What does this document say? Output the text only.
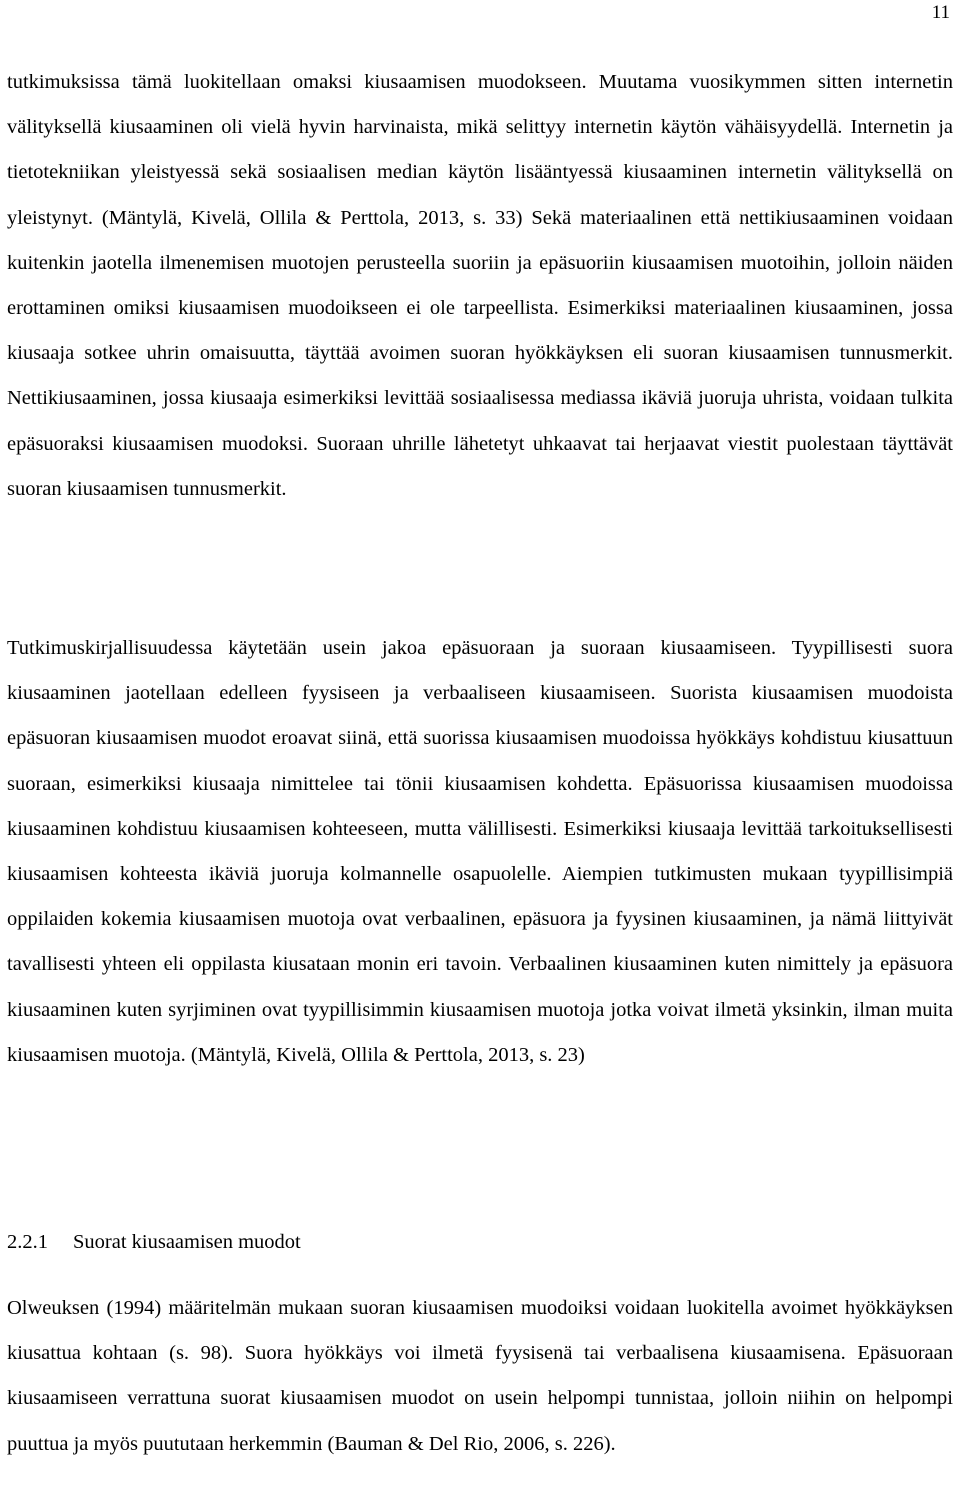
11

tutkimuksissa tämä luokitellaan omaksi kiusaamisen muodokseen. Muutama vuosikymmen sitten internetin välityksellä kiusaaminen oli vielä hyvin harvinaista, mikä selittyy internetin käytön vähäisyydellä. Internetin ja tietotekniikan yleistyessä sekä sosiaalisen median käytön lisääntyessä kiusaaminen internetin välityksellä on yleistynyt. (Mäntylä, Kivelä, Ollila & Perttola, 2013, s. 33) Sekä materiaalinen että nettikiusaaminen voidaan kuitenkin jaotella ilmenemisen muotojen perusteella suoriin ja epäsuoriin kiusaamisen muotoihin, jolloin näiden erottaminen omiksi kiusaamisen muodoikseen ei ole tarpeellista. Esimerkiksi materiaalinen kiusaaminen, jossa kiusaaja sotkee uhrin omaisuutta, täyttää avoimen suoran hyökkäyksen eli suoran kiusaamisen tunnusmerkit. Nettikiusaaminen, jossa kiusaaja esimerkiksi levittää sosiaalisessa mediassa ikäviä juoruja uhrista, voidaan tulkita epäsuoraksi kiusaamisen muodoksi. Suoraan uhrille lähetetyt uhkaavat tai herjaavat viestit puolestaan täyttävät suoran kiusaamisen tunnusmerkit.

Tutkimuskirjallisuudessa käytetään usein jakoa epäsuoraan ja suoraan kiusaamiseen. Tyypillisesti suora kiusaaminen jaotellaan edelleen fyysiseen ja verbaaliseen kiusaamiseen. Suorista kiusaamisen muodoista epäsuoran kiusaamisen muodot eroavat siinä, että suorissa kiusaamisen muodoissa hyökkäys kohdistuu kiusattuun suoraan, esimerkiksi kiusaaja nimittelee tai tönii kiusaamisen kohdetta. Epäsuorissa kiusaamisen muodoissa kiusaaminen kohdistuu kiusaamisen kohteeseen, mutta välillisesti. Esimerkiksi kiusaaja levittää tarkoituksellisesti kiusaamisen kohteesta ikäviä juoruja kolmannelle osapuolelle. Aiempien tutkimusten mukaan tyypillisimpiä oppilaiden kokemia kiusaamisen muotoja ovat verbaalinen, epäsuora ja fyysinen kiusaaminen, ja nämä liittyivät tavallisesti yhteen eli oppilasta kiusataan monin eri tavoin. Verbaalinen kiusaaminen kuten nimittely ja epäsuora kiusaaminen kuten syrjiminen ovat tyypillisimmin kiusaamisen muotoja jotka voivat ilmetä yksinkin, ilman muita kiusaamisen muotoja. (Mäntylä, Kivelä, Ollila & Perttola, 2013, s. 23)

2.2.1 Suorat kiusaamisen muodot

Olweuksen (1994) määritelmän mukaan suoran kiusaamisen muodoiksi voidaan luokitella avoimet hyökkäyksen kiusattua kohtaan (s. 98). Suora hyökkäys voi ilmetä fyysisenä tai verbaalisena kiusaamisena. Epäsuoraan kiusaamiseen verrattuna suorat kiusaamisen muodot on usein helpompi tunnistaa, jolloin niihin on helpompi puuttua ja myös puututaan herkemmin (Bauman & Del Rio, 2006, s. 226).
